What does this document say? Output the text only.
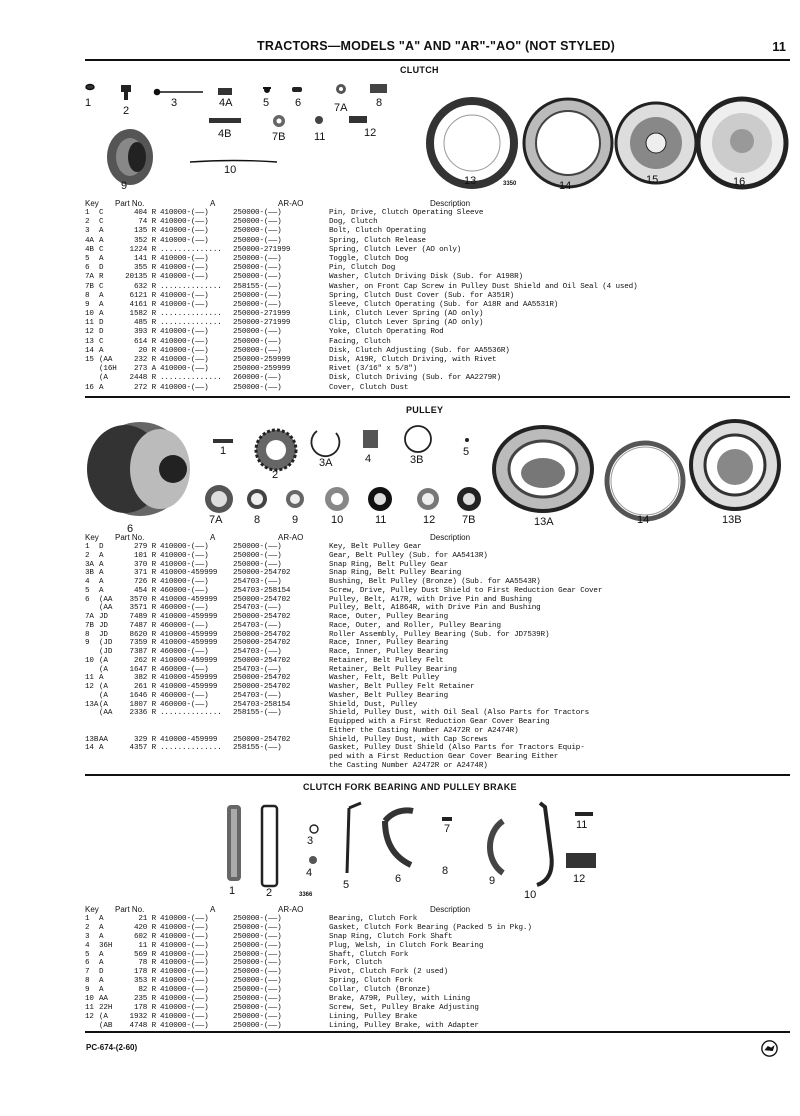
TRACTORS—MODELS "A" AND "AR"-"AO" (NOT STYLED)	11
CLUTCH
1
2
3	4A	5 6	7A	8
4B	7B	11	12
9
10
13	3350	14	15	16
Key Part No.	A	AR-AO	Description
1 C	404 R 410000-(——)	250000-(——)	Pin, Drive, Clutch Operating Sleeve
2 C	74 R 410000-(——)	250000-(——)	Dog, Clutch
3 A	135 R 410000-(——)	250000-(——)	Bolt, Clutch Operating
4A A	352 R 410000-(——)	250000-(——)	Spring, Clutch Release
4B C	1224 R .............. 250000-271999	Spring, Clutch Lever (AO only)
5 A	141 R 410000-(——)	250000-(——)	Toggle, Clutch Dog
6 D	355 R 410000-(——)	250000-(——)	Pin, Clutch Dog
7A R	20135 R 410000-(——)	250000-(——)	Washer, Clutch Driving Disk (Sub. for A198R)
7B C	632 R .............. 258155-(——)	Washer, on Front Cap Screw in Pulley Dust Shield and Oil Seal (4 used)
8 A	6121 R 410000-(——)	250000-(——)	Spring, Clutch Dust Cover (Sub. for A351R)
9 A	4161 R 410000-(——)	250000-(——)	Sleeve, Clutch Operating (Sub. for A18R and AA5531R)
10 A	1582 R .............. 250000-271999	Link, Clutch Lever Spring (AO only)
11 D	485 R .............. 250000-271999	Clip, Clutch Lever Spring (AO only)
12 D	393 R 410000-(——)	250000-(——)	Yoke, Clutch Operating Rod
13 C	614 R 410000-(——)	250000-(——)	Facing, Clutch
14 A	20 R 410000-(——)	250000-(——)	Disk, Clutch Adjusting (Sub. for AA5536R)
15 (AA	232 R 410000-(——)	250000-259999	Disk, A19R, Clutch Driving, with Rivet
(16H	273 A 410000-(——)	250000-259999	Rivet (3/16" x 5/8")
(A	2448 R .............. 260000-(——)	Disk, Clutch Driving (Sub. for AA2279R)
16 A	272 R 410000-(——)	250000-(——)	Cover, Clutch Dust
PULLEY
1
2
3A	4	3B
5
13A	14	13B
6
7A	8	9	10	11	12 7B
Key Part No.	A	AR-AO	Description
1 D	279 R 410000-(——)	250000-(——)	Key, Belt Pulley Gear
2 A	101 R 410000-(——)	250000-(——)	Gear, Belt Pulley (Sub. for AA5413R)
3A A	370 R 410000-(——)	250000-(——)	Snap Ring, Belt Pulley Gear
3B A	371 R 410000-459999 250000-254702	Snap Ring, Belt Pulley Bearing
4 A	726 R 410000-(——)	254703-(——)	Bushing, Belt Pulley (Bronze) (Sub. for AA5543R)
5 A	454 R 460000-(——)	254703-258154	Screw, Drive, Pulley Dust Shield to First Reduction Gear Cover
6 (AA	3570 R 410000-459999 250000-254702	Pulley, Belt, A17R, with Drive Pin and Bushing
(AA	3571 R 460000-(——)	254703-(——)	Pulley, Belt, A1864R, with Drive Pin and Bushing
7A JD	7489 R 410000-459999 250000-254702	Race, Outer, Pulley Bearing
7B JD	7487 R 460000-(——)	254703-(——)	Race, Outer, and Roller, Pulley Bearing
8 JD	8620 R 410000-459999 250000-254702	Roller Assembly, Pulley Bearing (Sub. for JD7539R)
9 (JD	7359 R 410000-459999 250000-254702	Race, Inner, Pulley Bearing
(JD	7387 R 460000-(——)	254703-(——)	Race, Inner, Pulley Bearing
10 (A	262 R 410000-459999 250000-254702	Retainer, Belt Pulley Felt
(A	1647 R 460000-(——)	254703-(——)	Retainer, Belt Pulley Bearing
11 A	382 R 410000-459999 250000-254702	Washer, Felt, Belt Pulley
12 (A	261 R 410000-459999 250000-254702	Washer, Belt Pulley Felt Retainer
(A	1646 R 460000-(——)	254703-(——)	Washer, Belt Pulley Bearing
13A (A	1807 R 460000-(——)	254703-258154	Shield, Dust, Pulley
(AA	2336 R .............. 258155-(——)	Shield, Pulley Dust, with Oil Seal (Also Parts for Tractors
Equipped with a First Reduction Gear Cover Bearing
Either the Casting Number A2472R or A2474R)
13B AA	329 R 410000-459999 250000-254702	Shield, Pulley Dust, with Cap Screws
14 A	4357 R .............. 258155-(——)	Gasket, Pulley Dust Shield (Also Parts for Tractors Equip-
ped with a First Reduction Gear Cover Bearing Either
the Casting Number A2472R or A2474R)
CLUTCH FORK BEARING AND PULLEY BRAKE
1	2
3
4
3366
5	6
7
8
9
10
11
12
Key Part No.	A	AR-AO	Description
1 A	21 R 410000-(——)	250000-(——)	Bearing, Clutch Fork
2 A	420 R 410000-(——)	250000-(——)	Gasket, Clutch Fork Bearing (Packed 5 in Pkg.)
3 A	602 R 410000-(——)	250000-(——)	Snap Ring, Clutch Fork Shaft
4 36H	11 R 410000-(——)	250000-(——)	Plug, Welsh, in Clutch Fork Bearing
5 A	569 R 410000-(——)	250000-(——)	Shaft, Clutch Fork
6 A	78 R 410000-(——)	250000-(——)	Fork, Clutch
7 D	178 R 410000-(——)	250000-(——)	Pivot, Clutch Fork (2 used)
8 A	353 R 410000-(——)	250000-(——)	Spring, Clutch Fork
9 A	82 R 410000-(——)	250000-(——)	Collar, Clutch (Bronze)
10 AA	235 R 410000-(——)	250000-(——)	Brake, A79R, Pulley, with Lining
11 22H	178 R 410000-(——)	250000-(——)	Screw, Set, Pulley Brake Adjusting
12 (A	1932 R 410000-(——)	250000-(——)	Lining, Pulley Brake
(AB	4748 R 410000-(——)	250000-(——)	Lining, Pulley Brake, with Adapter
PC-674-(2-60)
